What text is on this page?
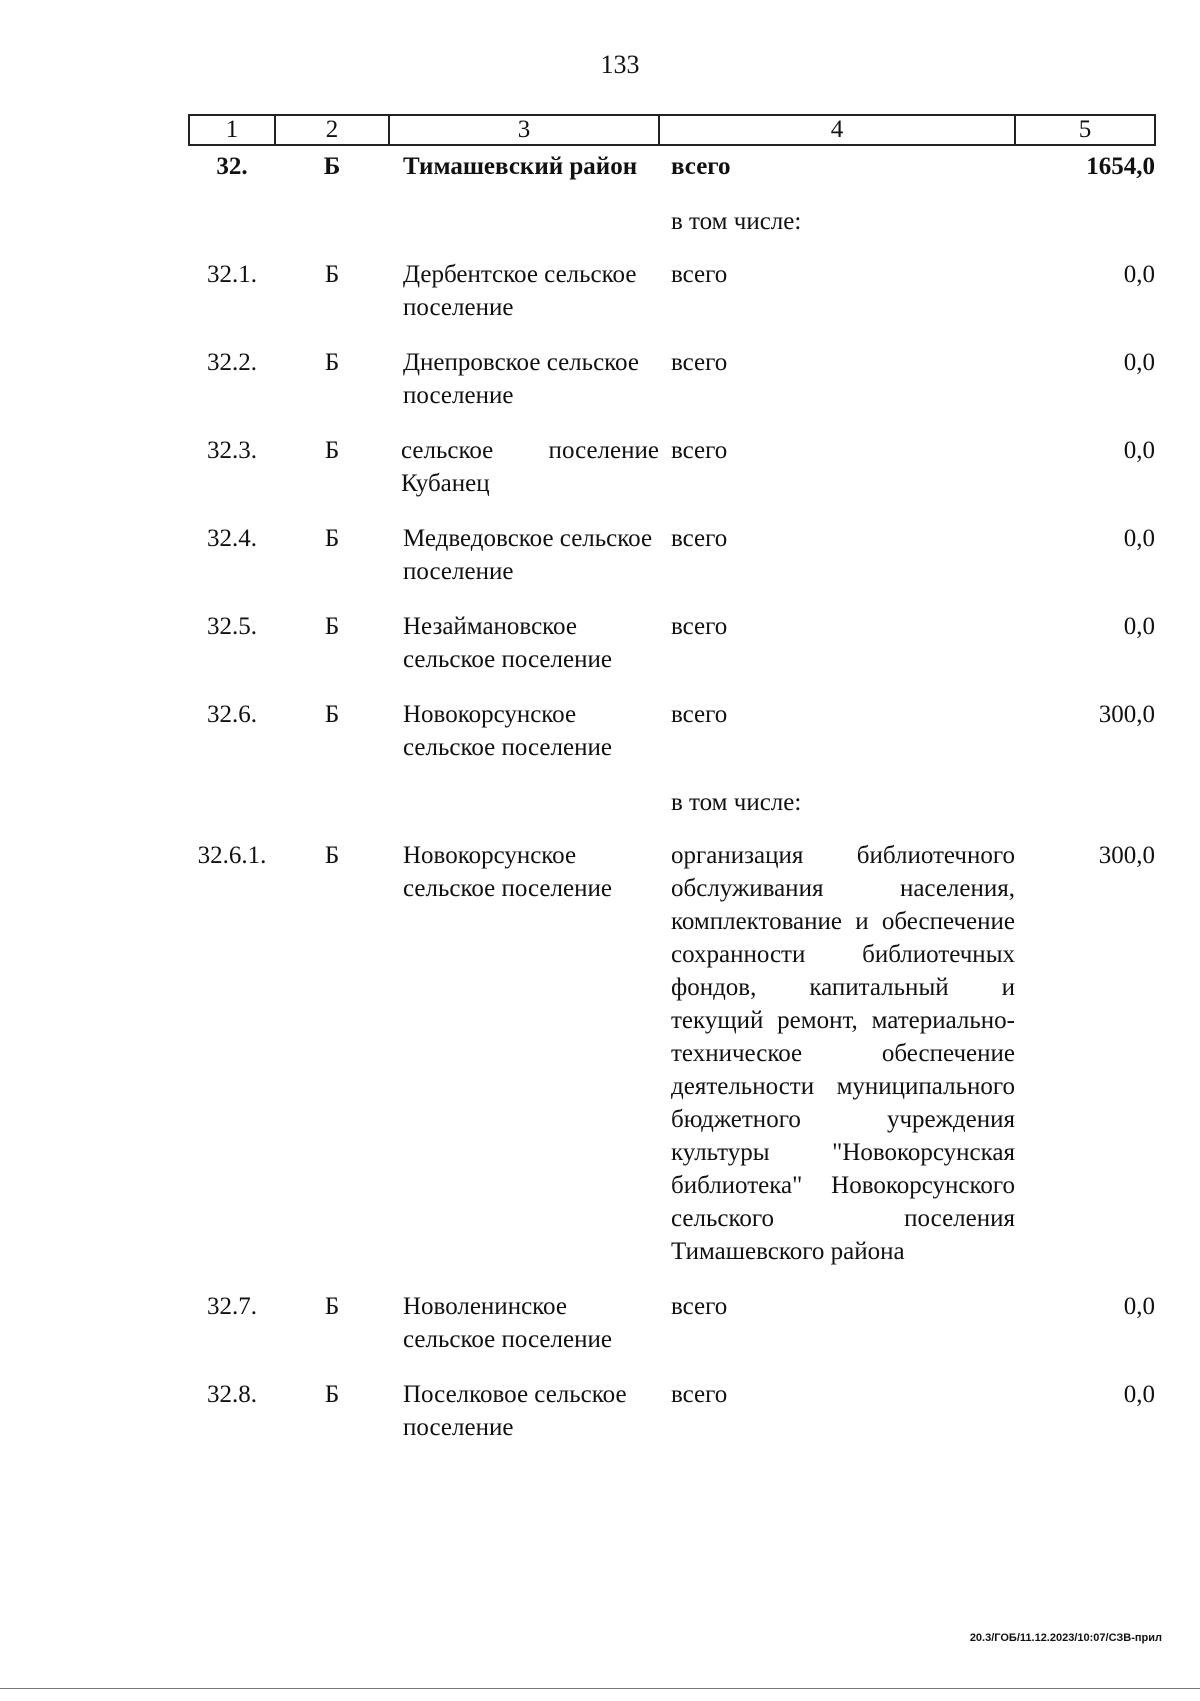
133
1	2	3	4	5
32.	Б	Тимашевский район	всего	1654,0
			в том числе:	
32.1.	Б	Дербентское сельское поселение	всего	0,0
32.2.	Б	Днепровское сельское поселение	всего	0,0
32.3.	Б	сельское поселение Кубанец	всего	0,0
32.4.	Б	Медведовское сельское поселение	всего	0,0
32.5.	Б	Незаймановское сельское поселение	всего	0,0
32.6.	Б	Новокорсунское сельское поселение	всего	300,0
			в том числе:	
32.6.1.	Б	Новокорсунское сельское поселение	организация библиотечного обслуживания населения, комплектование и обеспечение сохранности библиотечных фондов, капитальный и текущий ремонт, материально-техническое обеспечение деятельности муниципального бюджетного учреждения культуры "Новокорсунская библиотека" Новокорсунского сельского поселения Тимашевского района	300,0
32.7.	Б	Новоленинское сельское поселение	всего	0,0
32.8.	Б	Поселковое сельское поселение	всего	0,0
20.3/ГОБ/11.12.2023/10:07/СЗВ-прил
